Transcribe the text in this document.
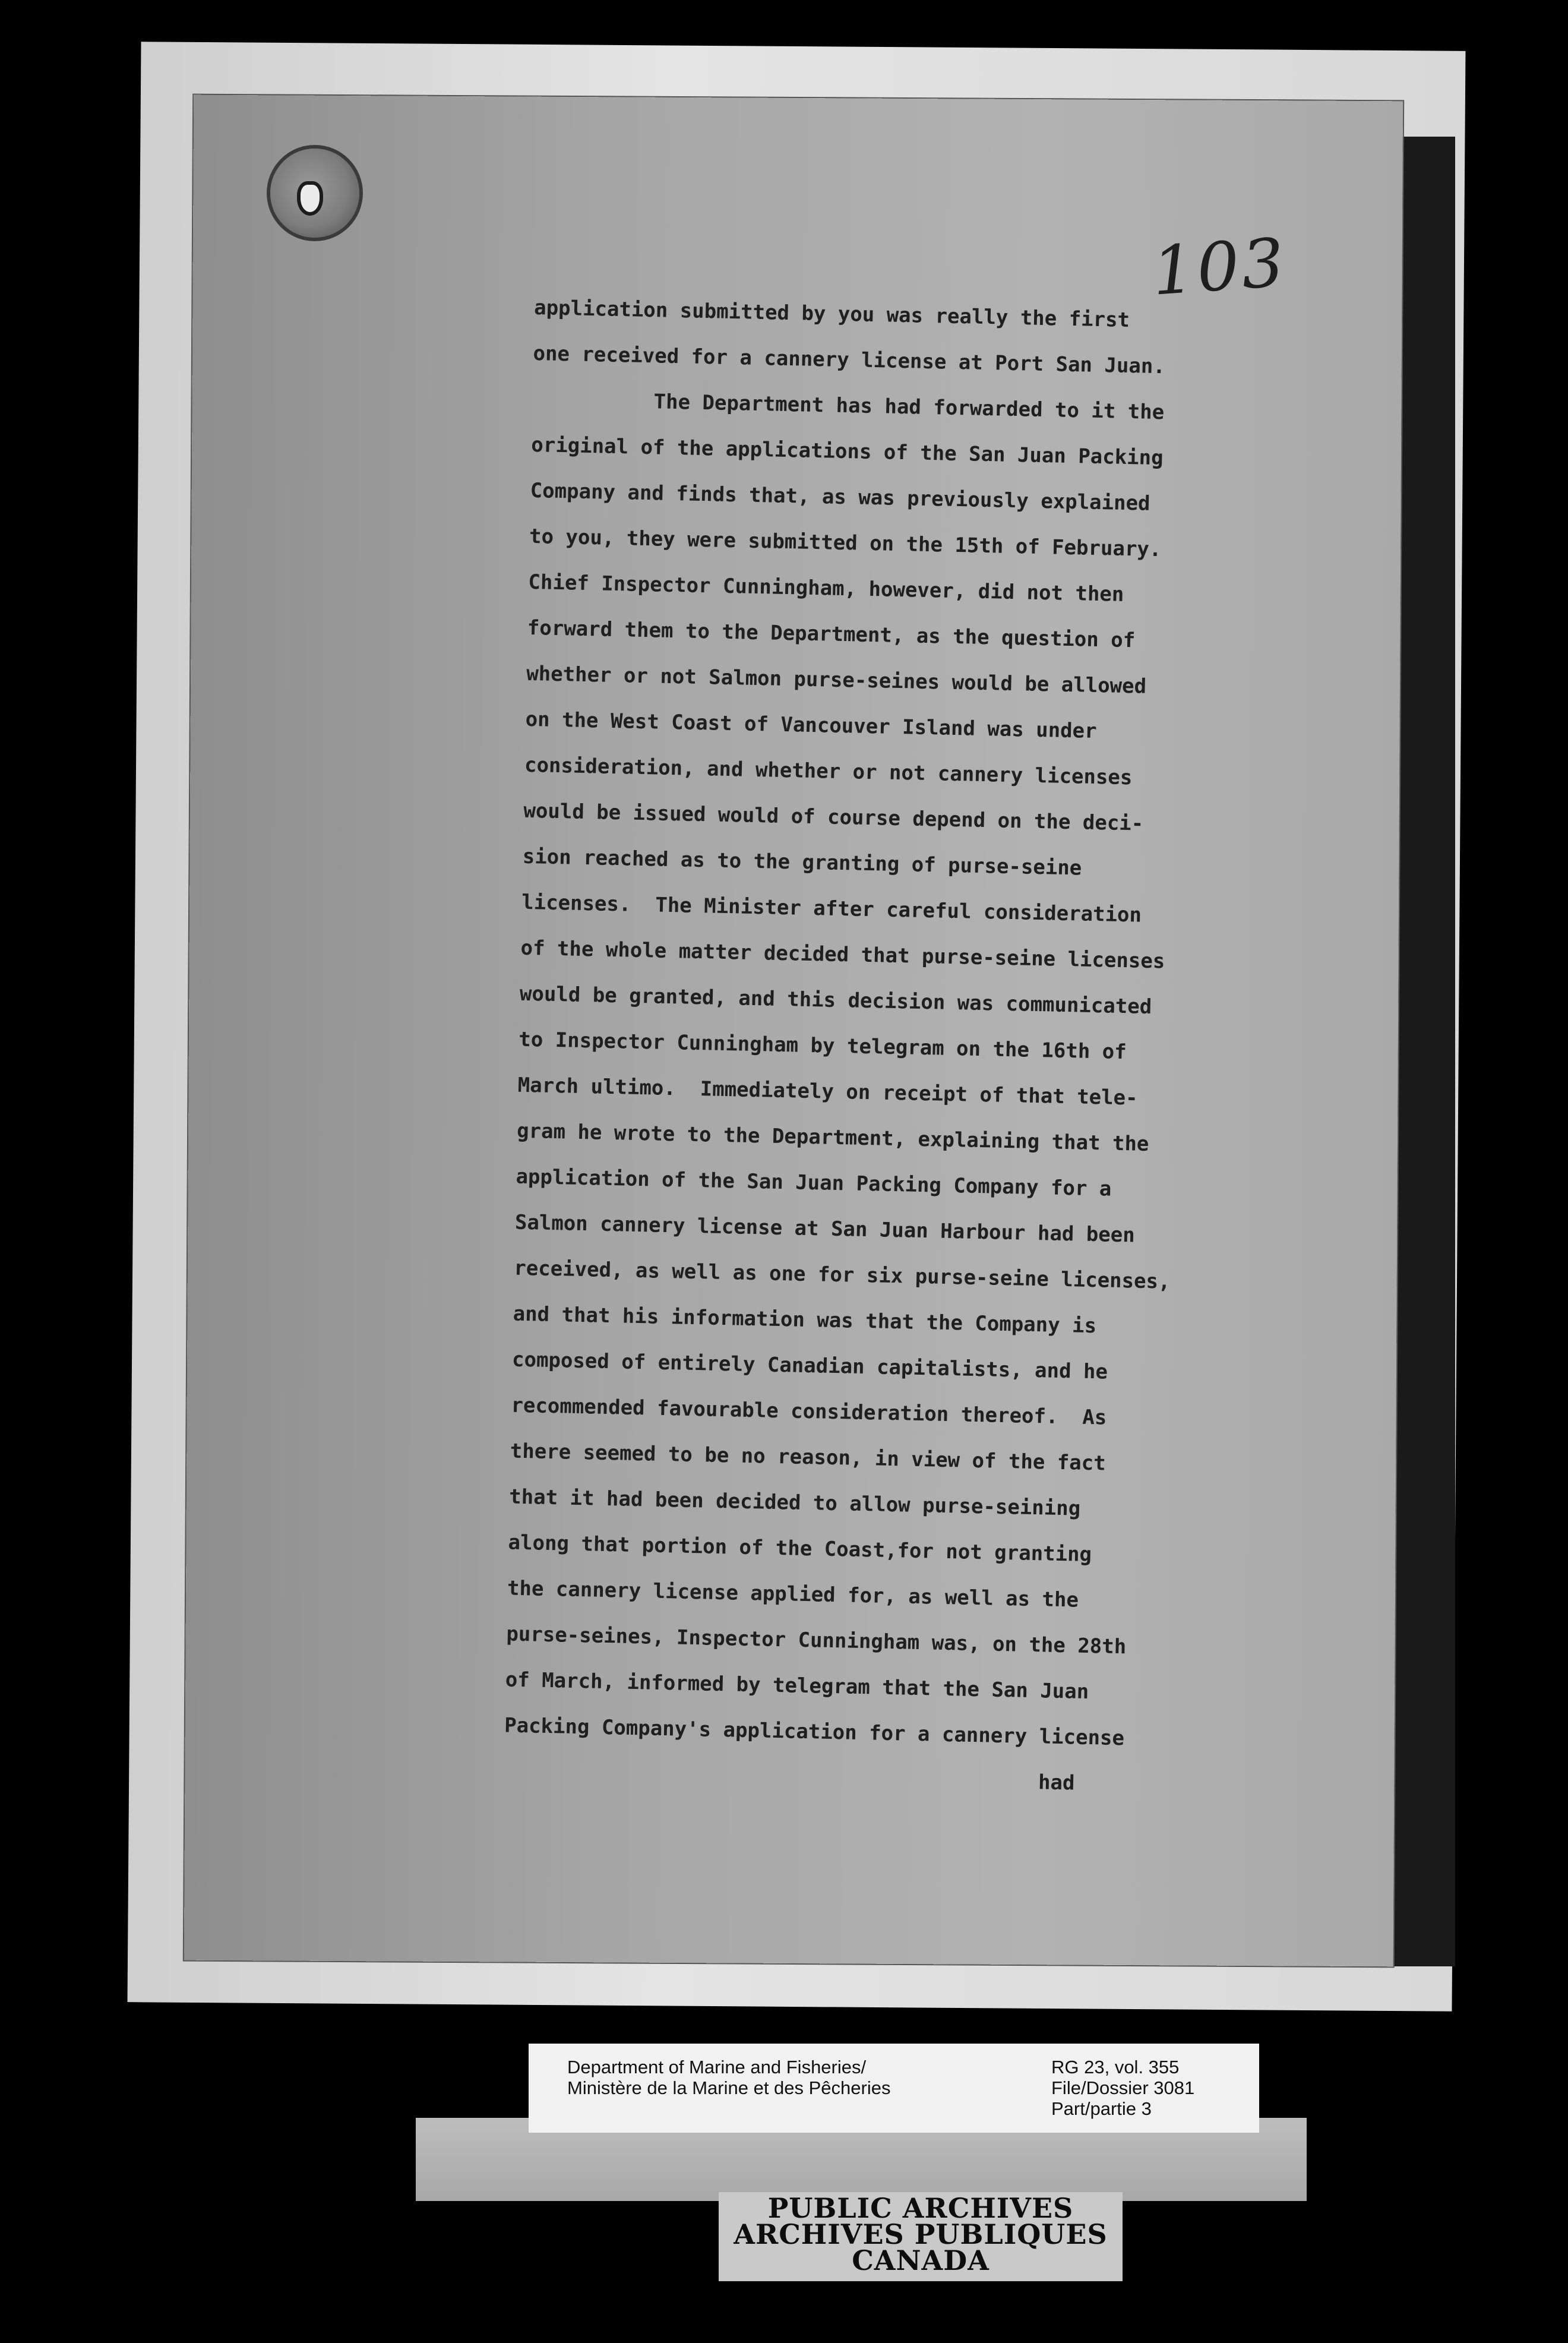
103
application submitted by you was really the first
one received for a cannery license at Port San Juan.
The Department has had forwarded to it the
original of the applications of the San Juan Packing
Company and finds that, as was previously explained
to you, they were submitted on the 15th of February.
Chief Inspector Cunningham, however, did not then
forward them to the Department, as the question of
whether or not Salmon purse-seines would be allowed
on the West Coast of Vancouver Island was under
consideration, and whether or not cannery licenses
would be issued would of course depend on the deci-
sion reached as to the granting of purse-seine
licenses.  The Minister after careful consideration
of the whole matter decided that purse-seine licenses
would be granted, and this decision was communicated
to Inspector Cunningham by telegram on the 16th of
March ultimo.  Immediately on receipt of that tele-
gram he wrote to the Department, explaining that the
application of the San Juan Packing Company for a
Salmon cannery license at San Juan Harbour had been
received, as well as one for six purse-seine licenses,
and that his information was that the Company is
composed of entirely Canadian capitalists, and he
recommended favourable consideration thereof.  As
there seemed to be no reason, in view of the fact
that it had been decided to allow purse-seining
along that portion of the Coast,for not granting
the cannery license applied for, as well as the
purse-seines, Inspector Cunningham was, on the 28th
of March, informed by telegram that the San Juan
Packing Company's application for a cannery license
had
Department of Marine and Fisheries/
Ministère de la Marine et des Pêcheries
RG 23, vol. 355
File/Dossier 3081
Part/partie 3
PUBLIC ARCHIVES
ARCHIVES PUBLIQUES
CANADA
